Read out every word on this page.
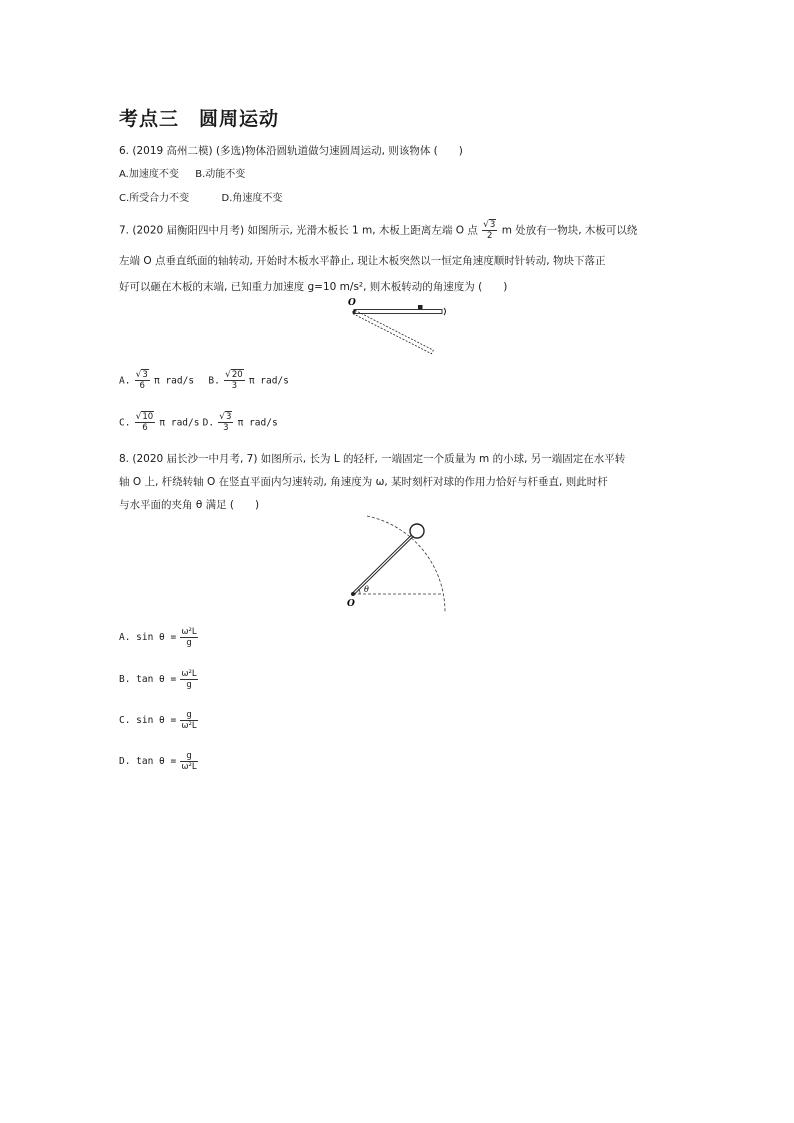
考点三 圆周运动
6. (2019 高州二模) (多选)物体沿圆轨道做匀速圆周运动, 则该物体 (　　)
A.加速度不变 B.动能不变
C.所受合力不变	D.角速度不变
7. (2020 届衡阳四中月考) 如图所示, 光滑木板长 1 m, 木板上距离左端 O 点 $\frac{√3}{2}$ m 处放有一物块, 木板可以绕
左端 O 点垂直纸面的轴转动, 开始时木板水平静止, 现让木板突然以一恒定角速度顺时针转动, 物块下落正
好可以砸在木板的末端, 已知重力加速度 g=10 m/s², 则木板转动的角速度为 (　　)
O
A. $\frac{√3}{6}$ π rad/s B. $\frac{√20}{3}$ π rad/s
C. $\frac{√10}{6}$ π rad/s D. $\frac{√3}{3}$ π rad/s
8. (2020 届长沙一中月考, 7) 如图所示, 长为 L 的轻杆, 一端固定一个质量为 m 的小球, 另一端固定在水平转
轴 O 上, 杆绕转轴 O 在竖直平面内匀速转动, 角速度为 ω, 某时刻杆对球的作用力恰好与杆垂直, 则此时杆
与水平面的夹角 θ 满足 (　　)
θ
O
A. $\sin \theta = \frac{\text{ω²L}}{g}$
B. $\tan \theta = \frac{\text{ω²L}}{g}$
C. $\sin \theta = \frac{g}{\text{ω²L}}$
D. $\tan \theta = \frac{g}{\text{ω²L}}$
